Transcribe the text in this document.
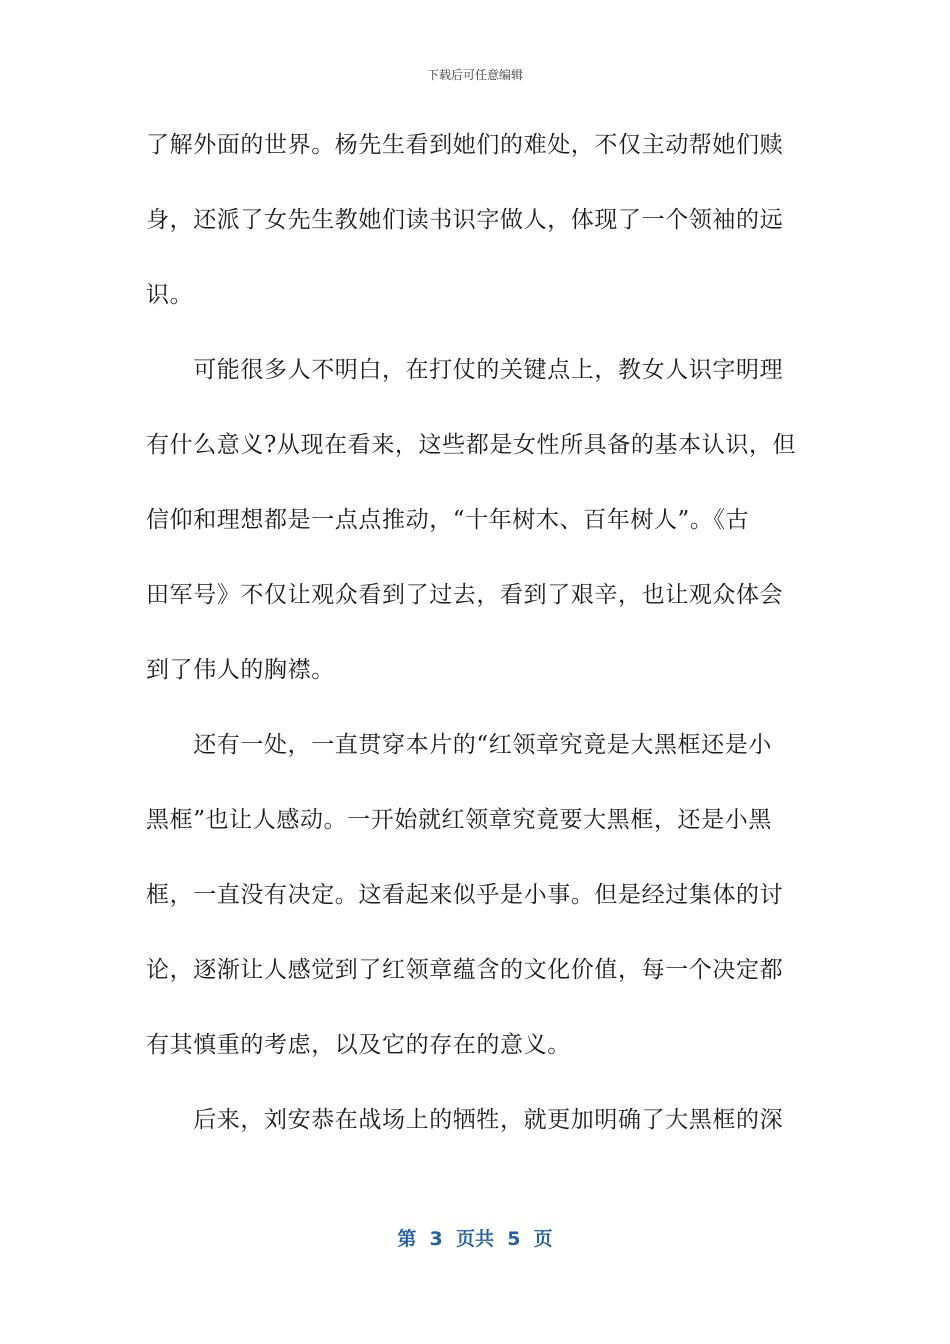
下载后可任意编辑
了解外面的世界。杨先生看到她们的难处，不仅主动帮她们赎
身，还派了女先生教她们读书识字做人，体现了一个领袖的远
识。
　　可能很多人不明白，在打仗的关键点上，教女人识字明理
有什么意义?从现在看来，这些都是女性所具备的基本认识，但
信仰和理想都是一点点推动，“十年树木、百年树人”。《古
田军号》不仅让观众看到了过去，看到了艰辛，也让观众体会
到了伟人的胸襟。
　　还有一处，一直贯穿本片的“红领章究竟是大黑框还是小
黑框”也让人感动。一开始就红领章究竟要大黑框，还是小黑
框，一直没有决定。这看起来似乎是小事。但是经过集体的讨
论，逐渐让人感觉到了红领章蕴含的文化价值，每一个决定都
有其慎重的考虑，以及它的存在的意义。
　　后来，刘安恭在战场上的牺牲，就更加明确了大黑框的深
第  3  页共  5  页
